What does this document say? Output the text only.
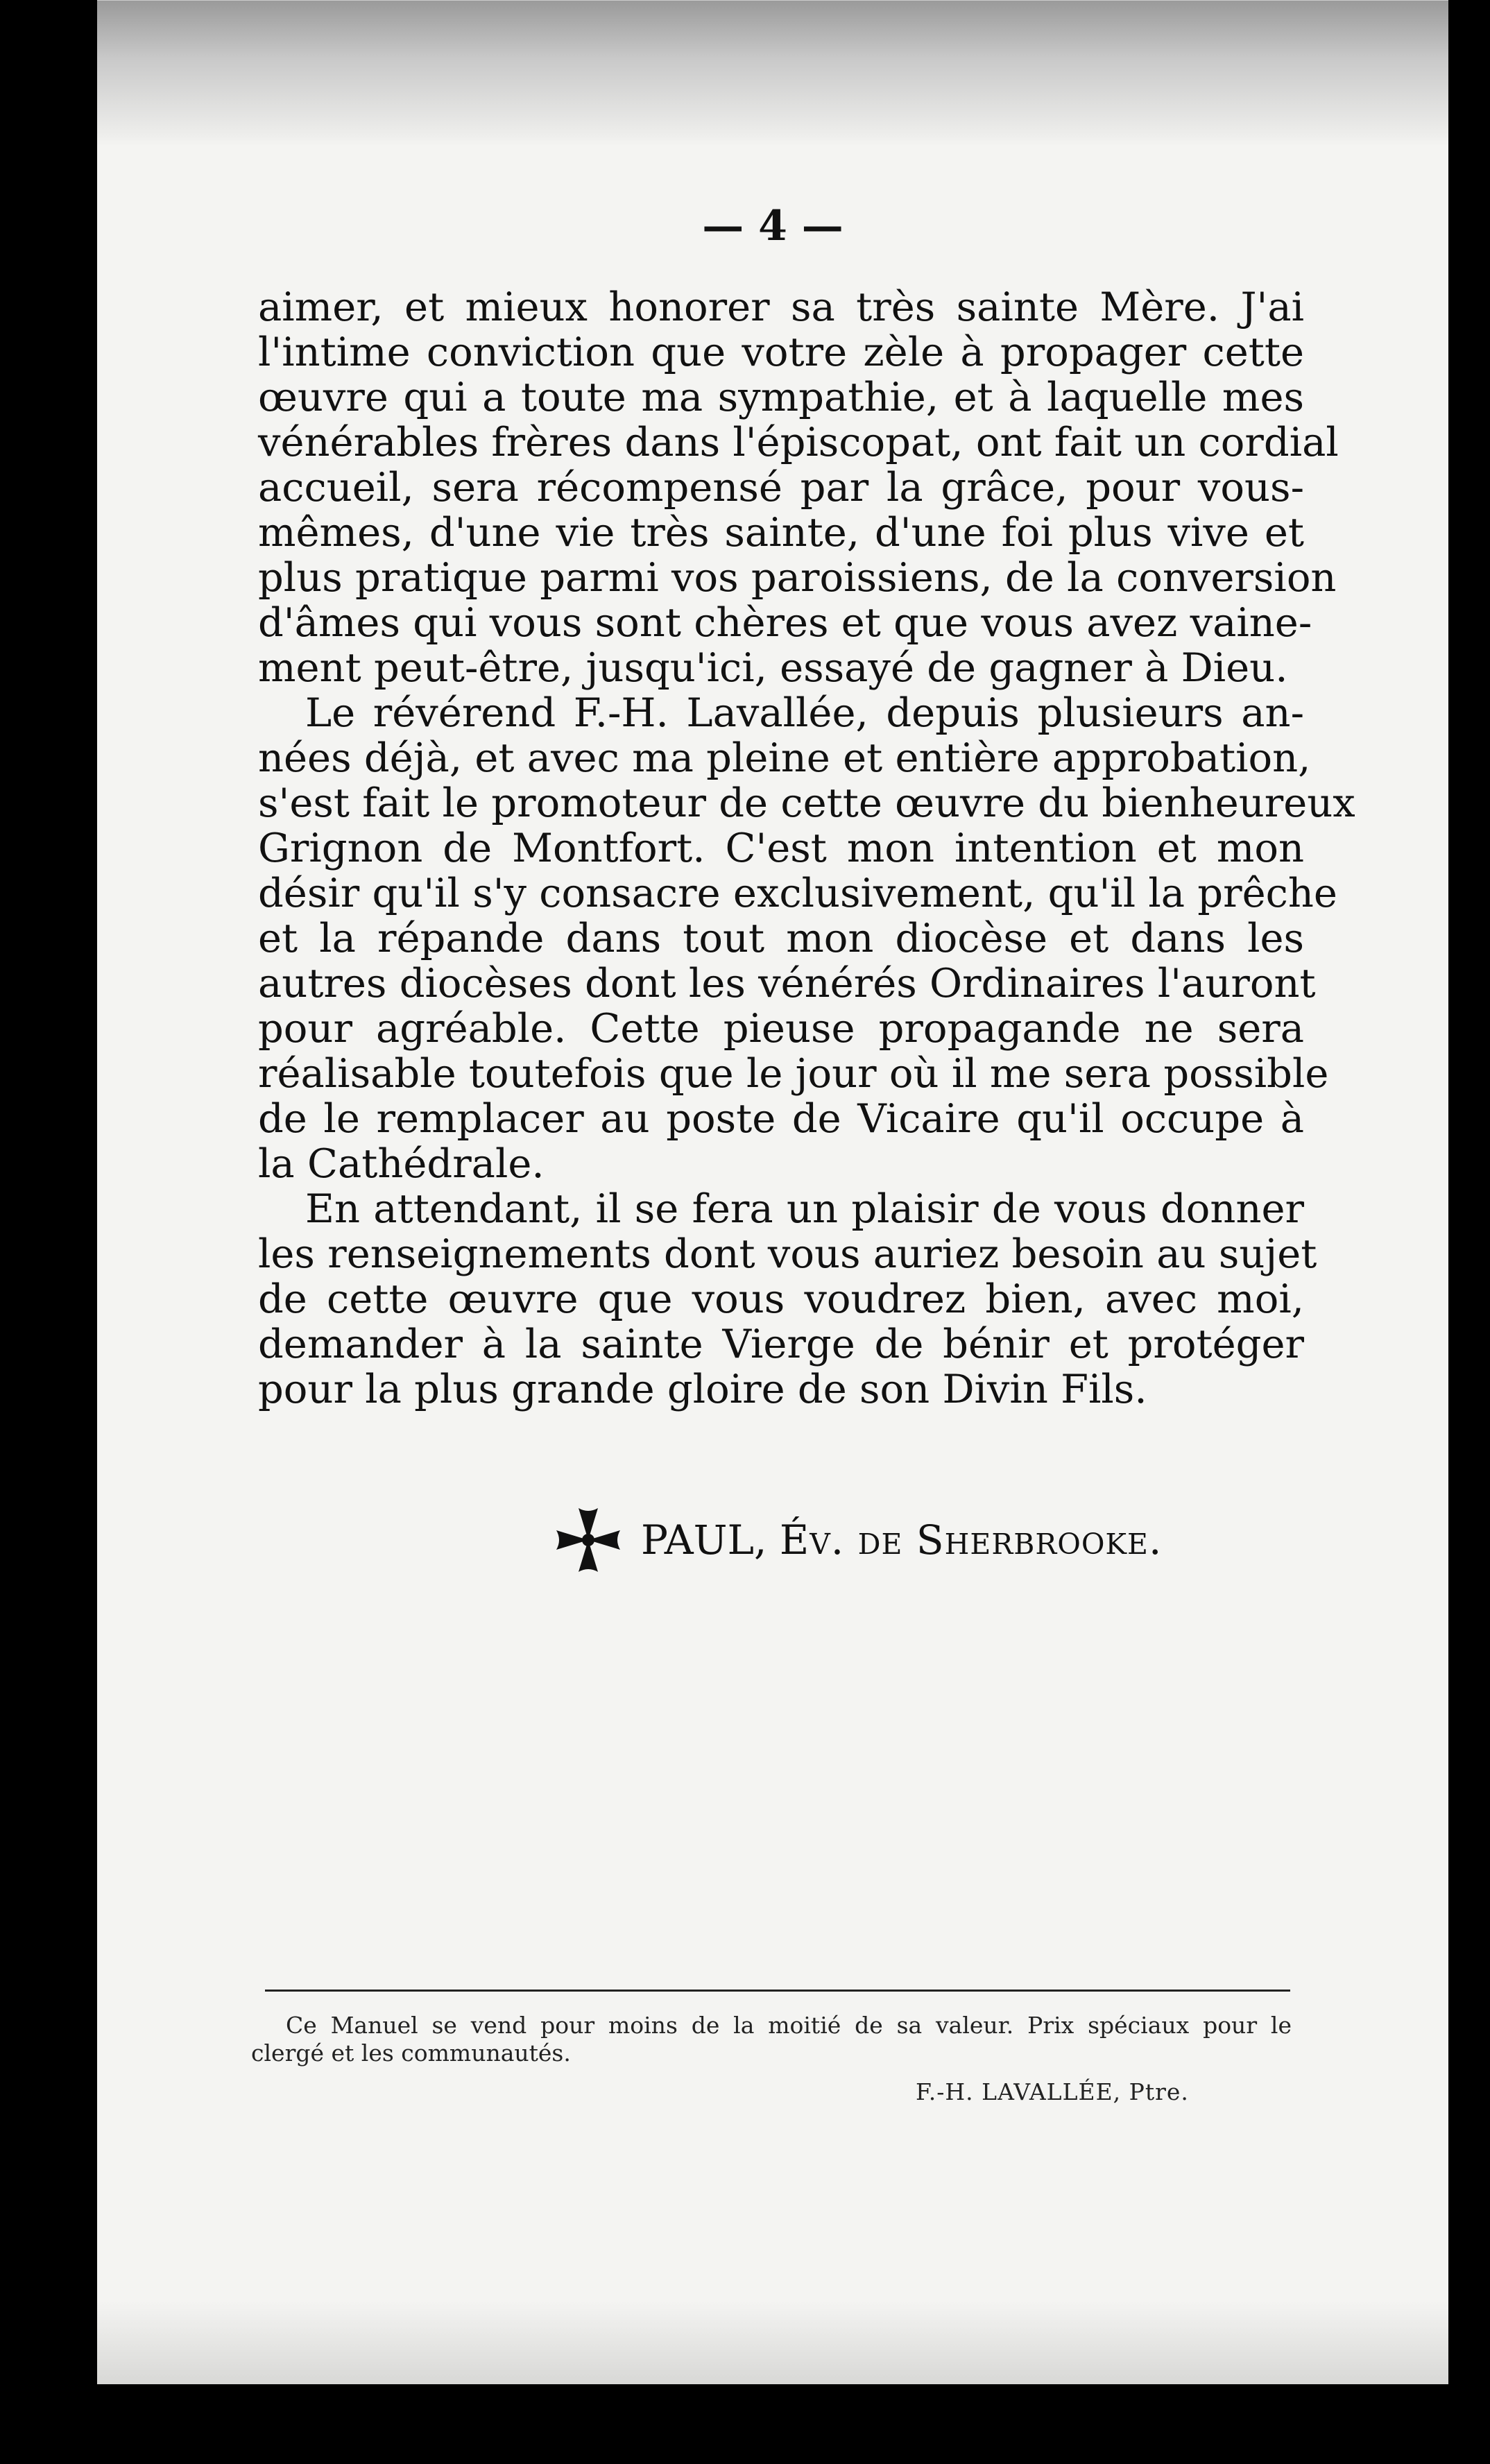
— 4 —
aimer, et mieux honorer sa très sainte Mère. J'ai
l'intime conviction que votre zèle à propager cette
œuvre qui a toute ma sympathie, et à laquelle mes
vénérables frères dans l'épiscopat, ont fait un cordial
accueil, sera récompensé par la grâce, pour vous-
mêmes, d'une vie très sainte, d'une foi plus vive et
plus pratique parmi vos paroissiens, de la conversion
d'âmes qui vous sont chères et que vous avez vaine-
ment peut-être, jusqu'ici, essayé de gagner à Dieu.
Le révérend F.-H. Lavallée, depuis plusieurs an-
nées déjà, et avec ma pleine et entière approbation,
s'est fait le promoteur de cette œuvre du bienheureux
Grignon de Montfort. C'est mon intention et mon
désir qu'il s'y consacre exclusivement, qu'il la prêche
et la répande dans tout mon diocèse et dans les
autres diocèses dont les vénérés Ordinaires l'auront
pour agréable. Cette pieuse propagande ne sera
réalisable toutefois que le jour où il me sera possible
de le remplacer au poste de Vicaire qu'il occupe à
la Cathédrale.
En attendant, il se fera un plaisir de vous donner
les renseignements dont vous auriez besoin au sujet
de cette œuvre que vous voudrez bien, avec moi,
demander à la sainte Vierge de bénir et protéger
pour la plus grande gloire de son Divin Fils.
PAUL,
Év. de Sherbrooke.
Ce Manuel se vend pour moins de la moitié de sa valeur. Prix spéciaux pour le
clergé et les communautés.
F.-H. LAVALLÉE, Ptre.
